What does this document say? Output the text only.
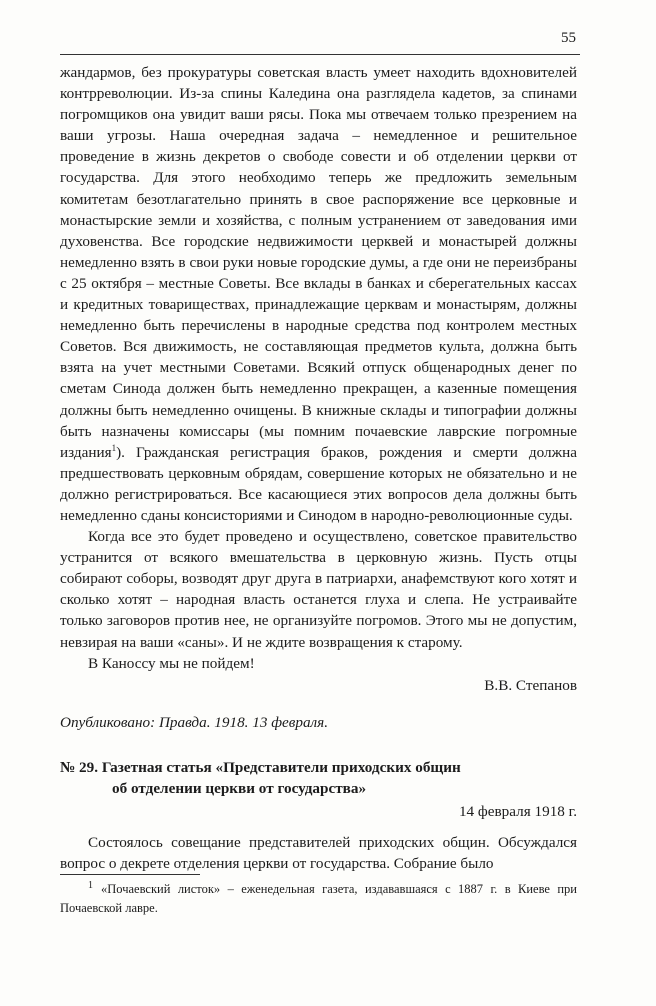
55

жандармов, без прокуратуры советская власть умеет находить вдохновителей контрреволюции. Из-за спины Каледина она разглядела кадетов, за спинами погромщиков она увидит ваши рясы. Пока мы отвечаем только презрением на ваши угрозы. Наша очередная задача – немедленное и решительное проведение в жизнь декретов о свободе совести и об отделении церкви от государства. Для этого необходимо теперь же предложить земельным комитетам безотлагательно принять в свое распоряжение все церковные и монастырские земли и хозяйства, с полным устранением от заведования ими духовенства. Все городские недвижимости церквей и монастырей должны немедленно взять в свои руки новые городские думы, а где они не переизбраны с 25 октября – местные Советы. Все вклады в банках и сберегательных кассах и кредитных товариществах, принадлежащие церквам и монастырям, должны немедленно быть перечислены в народные средства под контролем местных Советов. Вся движимость, не составляющая предметов культа, должна быть взята на учет местными Советами. Всякий отпуск общенародных денег по сметам Синода должен быть немедленно прекращен, а казенные помещения должны быть немедленно очищены. В книжные склады и типографии должны быть назначены комиссары (мы помним почаевские лаврские погромные издания$^1$). Гражданская регистрация браков, рождения и смерти должна предшествовать церковным обрядам, совершение которых не обязательно и не должно регистрироваться. Все касающиеся этих вопросов дела должны быть немедленно сданы консисториями и Синодом в народно-революционные суды.

Когда все это будет проведено и осуществлено, советское правительство устранится от всякого вмешательства в церковную жизнь. Пусть отцы собирают соборы, возводят друг друга в патриархи, анафемствуют кого хотят и сколько хотят – народная власть останется глуха и слепа. Не устраивайте только заговоров против нее, не организуйте погромов. Этого мы не допустим, невзирая на ваши «саны». И не ждите возвращения к старому.

В Каноссу мы не пойдем!

В.В. Степанов

Опубликовано: Правда. 1918. 13 февраля.

№ 29. Газетная статья «Представители приходских общин
об отделении церкви от государства»

14 февраля 1918 г.

Состоялось совещание представителей приходских общин. Обсуждался вопрос о декрете отделения церкви от государства. Собрание было

$^1$ «Почаевский листок» – еженедельная газета, издававшаяся с 1887 г. в Киеве при Почаевской лавре.
